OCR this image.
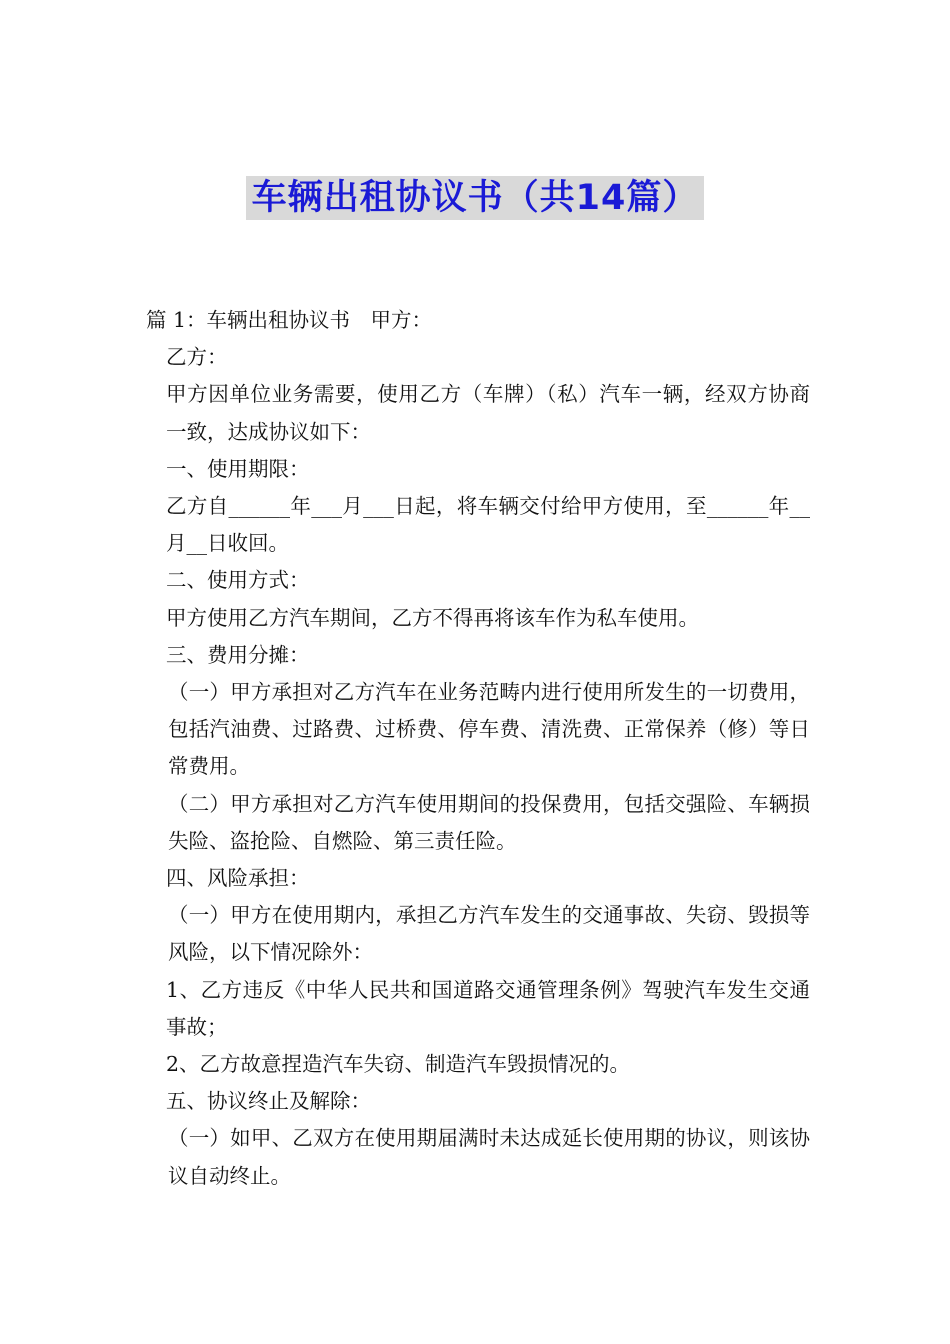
车辆出租协议书（共14篇）

篇 1：车辆出租协议书　甲方：

乙方：

甲方因单位业务需要，使用乙方（车牌）（私）汽车一辆，经双方协商一致，达成协议如下：

一、使用期限：

乙方自______年___月___日起，将车辆交付给甲方使用，至______年__月__日收回。

二、使用方式：

甲方使用乙方汽车期间，乙方不得再将该车作为私车使用。

三、费用分摊：

（一）甲方承担对乙方汽车在业务范畴内进行使用所发生的一切费用，包括汽油费、过路费、过桥费、停车费、清洗费、正常保养（修）等日常费用。

（二）甲方承担对乙方汽车使用期间的投保费用，包括交强险、车辆损失险、盗抢险、自燃险、第三责任险。

四、风险承担：

（一）甲方在使用期内，承担乙方汽车发生的交通事故、失窃、毁损等风险，以下情况除外：

1、乙方违反《中华人民共和国道路交通管理条例》驾驶汽车发生交通事故；

2、乙方故意捏造汽车失窃、制造汽车毁损情况的。

五、协议终止及解除：

（一）如甲、乙双方在使用期届满时未达成延长使用期的协议，则该协议自动终止。
